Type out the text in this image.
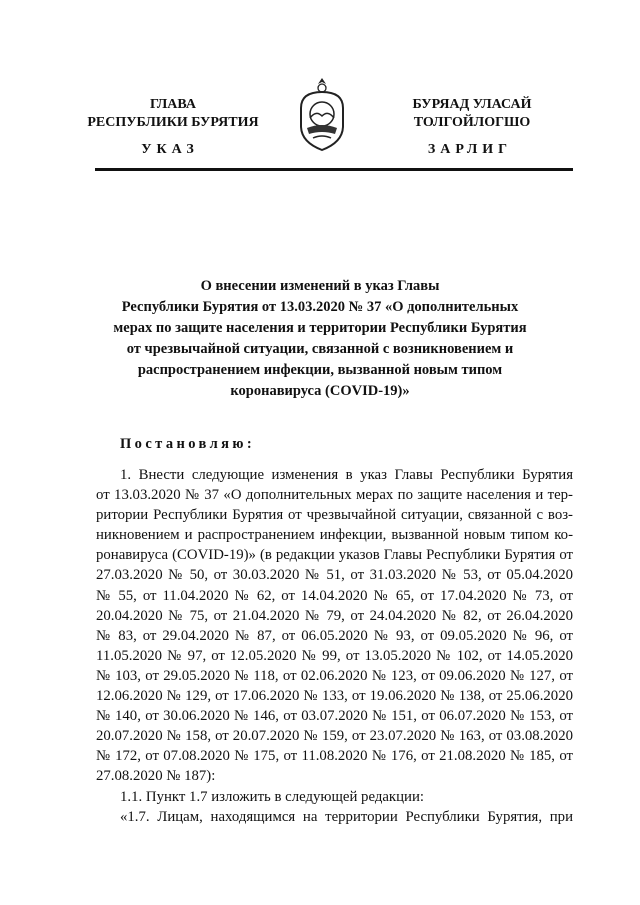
ГЛАВА
РЕСПУБЛИКИ БУРЯТИЯ
УКАЗ
БУРЯАД УЛАСАЙ
ТОЛГОЙЛОГШО
ЗАРЛИГ
О внесении изменений в указ Главы
Республики Бурятия от 13.03.2020 № 37 «О дополнительных
мерах по защите населения и территории Республики Бурятия
от чрезвычайной ситуации, связанной с возникновением и
распространением инфекции, вызванной новым типом
коронавируса (COVID-19)»
Постановляю:
1. Внести следующие изменения в указ Главы Республики Бурятия
от 13.03.2020 № 37 «О дополнительных мерах по защите населения и тер-
ритории Республики Бурятия от чрезвычайной ситуации, связанной с воз-
никновением и распространением инфекции, вызванной новым типом ко-
ронавируса (COVID-19)» (в редакции указов Главы Республики Бурятия от
27.03.2020 № 50, от 30.03.2020 № 51, от 31.03.2020 № 53, от 05.04.2020
№ 55, от 11.04.2020 № 62, от 14.04.2020 № 65, от 17.04.2020 № 73, от
20.04.2020 № 75, от 21.04.2020 № 79, от 24.04.2020 № 82, от 26.04.2020
№ 83, от 29.04.2020 № 87, от 06.05.2020 № 93, от 09.05.2020 № 96, от
11.05.2020 № 97, от 12.05.2020 № 99, от 13.05.2020 № 102, от 14.05.2020
№ 103, от 29.05.2020 № 118, от 02.06.2020 № 123, от 09.06.2020 № 127, от
12.06.2020 № 129, от 17.06.2020 № 133, от 19.06.2020 № 138, от 25.06.2020
№ 140, от 30.06.2020 № 146, от 03.07.2020 № 151, от 06.07.2020 № 153, от
20.07.2020 № 158, от 20.07.2020 № 159, от 23.07.2020 № 163, от 03.08.2020
№ 172, от 07.08.2020 № 175, от 11.08.2020 № 176, от 21.08.2020 № 185, от
27.08.2020 № 187):
1.1. Пункт 1.7 изложить в следующей редакции:
«1.7. Лицам, находящимся на территории Республики Бурятия, при
